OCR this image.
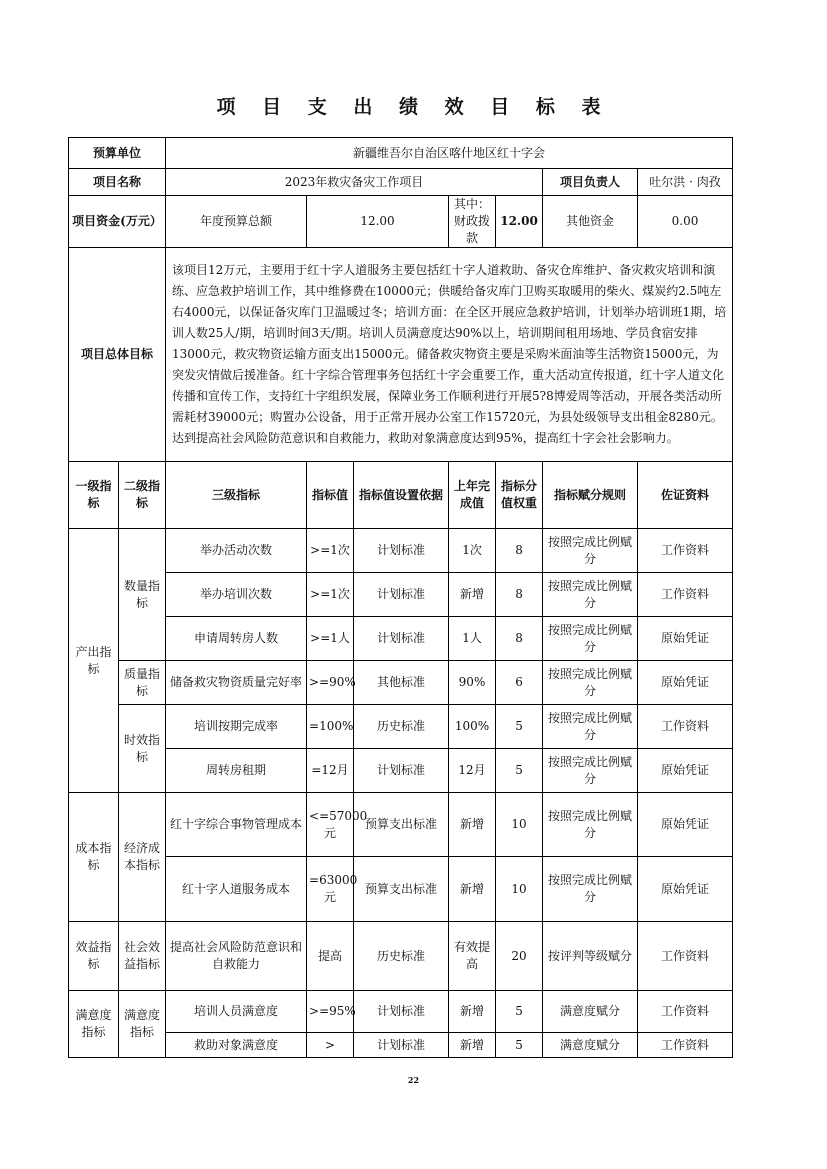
项 目 支 出 绩 效 目 标 表
预算单位		新疆维吾尔自治区喀什地区红十字会						
项目名称		2023年救灾备灾工作项目					项目负责人	吐尔洪 · 肉孜
项目资金(万元）		年度预算总额	12.00		其中：财政拨款	12.00	其他资金	0.00
项目总体目标		该项目12万元，主要用于红十字人道服务主要包括红十字人道救助、备灾仓库维护、备灾救灾培训和演练、应急救护培训工作，其中维修费在10000元；供暖给备灾库门卫购买取暖用的柴火、煤炭约2.5吨左右4000元，以保证备灾库门卫温暖过冬；培训方面：在全区开展应急救护培训，计划举办培训班1期，培训人数25人/期，培训时间3天/期。培训人员满意度达90%以上，培训期间租用场地、学员食宿安排13000元，救灾物资运输方面支出15000元。储备救灾物资主要是采购米面油等生活物资15000元，为突发灾情做后援准备。红十字综合管理事务包括红十字会重要工作，重大活动宣传报道，红十字人道文化传播和宣传工作，支持红十字组织发展，保障业务工作顺利进行开展5?8博爱周等活动，开展各类活动所需耗材39000元；购置办公设备，用于正常开展办公室工作15720元，为县处级领导支出租金8280元。达到提高社会风险防范意识和自救能力，救助对象满意度达到95%，提高红十字会社会影响力。						
一级指标	二级指标	三级指标	指标值	指标值设置依据	上年完成值	指标分值权重	指标赋分规则	佐证资料
产出指标	数量指标	举办活动次数	>=1次	计划标准	1次	8	按照完成比例赋分	工作资料
		举办培训次数	>=1次	计划标准	新增	8	按照完成比例赋分	工作资料
		申请周转房人数	>=1人	计划标准	1人	8	按照完成比例赋分	原始凭证
	质量指标	储备救灾物资质量完好率	>=90%	其他标准	90%	6	按照完成比例赋分	原始凭证
	时效指标	培训按期完成率	=100%	历史标准	100%	5	按照完成比例赋分	工作资料
		周转房租期	=12月	计划标准	12月	5	按照完成比例赋分	原始凭证
成本指标	经济成本指标	红十字综合事物管理成本	<=57000元	预算支出标准	新增	10	按照完成比例赋分	原始凭证
		红十字人道服务成本	=63000元	预算支出标准	新增	10	按照完成比例赋分	原始凭证
效益指标	社会效益指标	提高社会风险防范意识和自救能力	提高	历史标准	有效提高	20	按评判等级赋分	工作资料
满意度指标	满意度指标	培训人员满意度	>=95%	计划标准	新增	5	满意度赋分	工作资料
		救助对象满意度	>	计划标准	新增	5	满意度赋分	工作资料
22
